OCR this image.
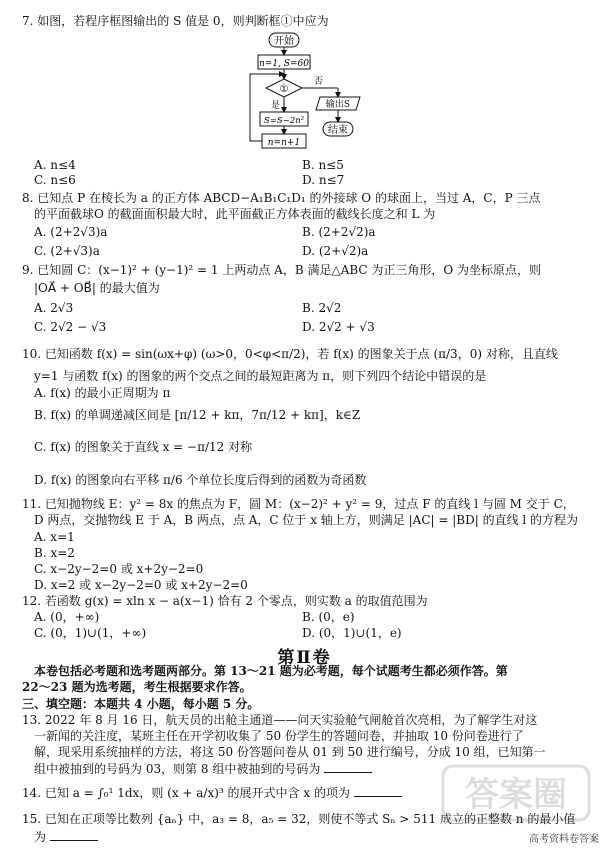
7. 如图，若程序框图输出的 S 值是 0，则判断框①中应为
开始
n=1, S=60
①
否
输出S
结束
是
S=S−2n²
n=n+1
A. n≤4	B. n≤5
C. n≤6	D. n≤7
8. 已知点 P 在棱长为 a 的正方体 ABCD−A₁B₁C₁D₁ 的外接球 O 的球面上，当过 A，C，P 三点
的平面截球O 的截面面积最大时，此平面截正方体表面的截线长度之和 L 为
A. (2+2√3)a	B. (2+2√2)a
C. (2+√3)a	D. (2+√2)a
9. 已知圆 C：(x−1)² + (y−1)² = 1 上两动点 A，B 满足△ABC 为正三角形，O 为坐标原点，则
|OA⃗ + OB⃗| 的最大值为
A. 2√3	B. 2√2
C. 2√2 − √3	D. 2√2 + √3
10. 已知函数 f(x) = sin(ωx+φ) (ω>0，0<φ<π/2)，若 f(x) 的图象关于点 (π/3，0) 对称，且直线
y=1 与函数 f(x) 的图象的两个交点之间的最短距离为 π，则下列四个结论中错误的是
A. f(x) 的最小正周期为 π
B. f(x) 的单调递减区间是 [π/12 + kπ，7π/12 + kπ]，k∈Z
C. f(x) 的图象关于直线 x = −π/12 对称
D. f(x) 的图象向右平移 π/6 个单位长度后得到的函数为奇函数
11. 已知抛物线 E：y² = 8x 的焦点为 F，圆 M：(x−2)² + y² = 9，过点 F 的直线 l 与圆 M 交于 C，
D 两点，交抛物线 E 于 A，B 两点，点 A，C 位于 x 轴上方，则满足 |AC| = |BD| 的直线 l 的方程为
A. x=1
B. x=2
C. x−2y−2=0 或 x+2y−2=0
D. x=2 或 x−2y−2=0 或 x+2y−2=0
12. 若函数 g(x) = xln x − a(x−1) 恰有 2 个零点，则实数 a 的取值范围为
A. (0，+∞)	B. (0，e)
C. (0，1)∪(1，+∞)	D. (0，1)∪(1，e)
第Ⅱ卷
本卷包括必考题和选考题两部分。第 13～21 题为必考题，每个试题考生都必须作答。第
22～23 题为选考题，考生根据要求作答。
三、填空题：本题共 4 小题，每小题 5 分。
13. 2022 年 8 月 16 日，航天员的出舱主通道——问天实验舱气闸舱首次亮相，为了解学生对这
一新闻的关注度，某班主任在开学初收集了 50 份学生的答题问卷，并抽取 10 份问卷进行了
解，现采用系统抽样的方法，将这 50 份答题问卷从 01 到 50 进行编号，分成 10 组，已知第一
组中被抽到的号码为 03，则第 8 组中被抽到的号码为
14. 已知 a = ∫₀¹ 1dx，则 (x + a/x)³ 的展开式中含 x 的项为
15. 已知在正项等比数列 {aₙ} 中，a₃ = 8，a₅ = 32，则使不等式 Sₙ > 511 成立的正整数 n 的最小值
为
答案圈
高考资料卷答案
